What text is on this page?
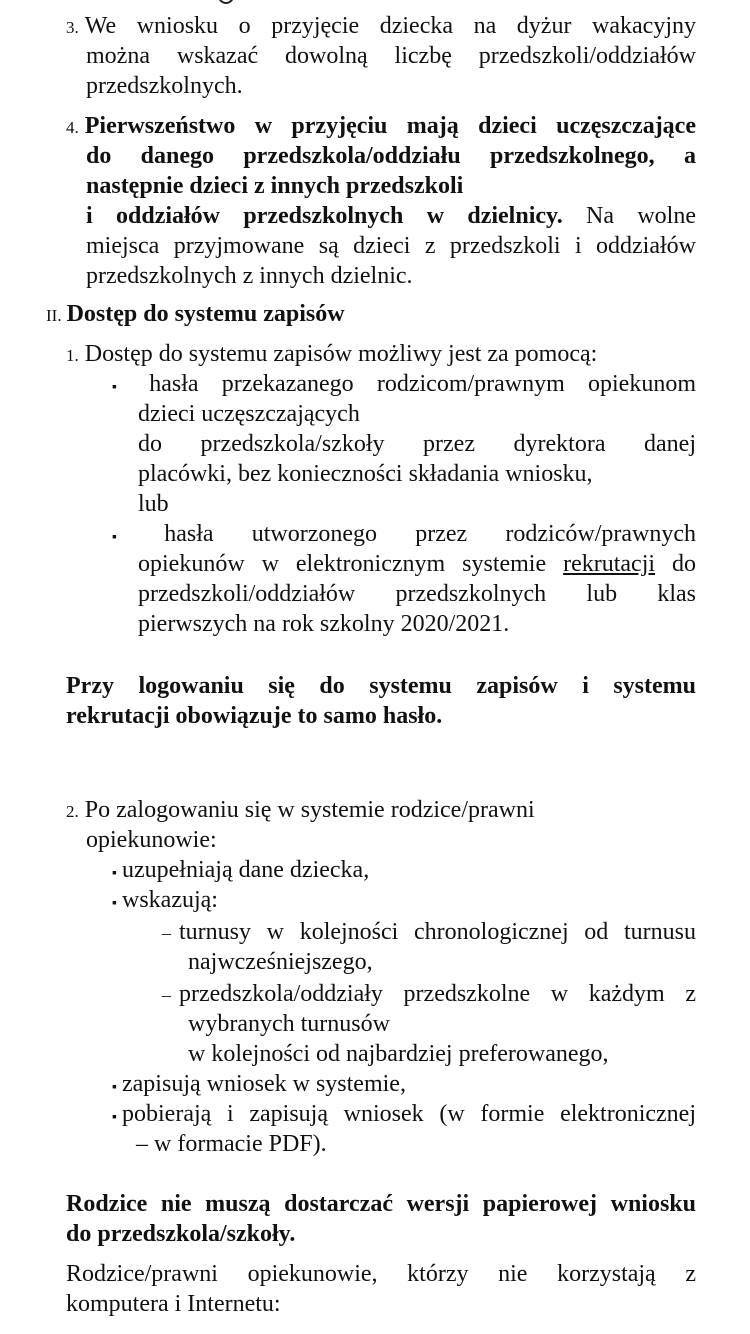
3. We wniosku o przyjęcie dziecka na dyżur wakacyjny
można wskazać dowolną liczbę przedszkoli/oddziałów
przedszkolnych.
4. Pierwszeństwo w przyjęciu mają dzieci uczęszczające
do danego przedszkola/oddziału przedszkolnego, a
następnie dzieci z innych przedszkoli
i oddziałów przedszkolnych w dzielnicy. Na wolne
miejsca przyjmowane są dzieci z przedszkoli i oddziałów
przedszkolnych z innych dzielnic.
II. Dostęp do systemu zapisów
1. Dostęp do systemu zapisów możliwy jest za pomocą:
▪ hasła przekazanego rodzicom/prawnym opiekunom
dzieci uczęszczających
do przedszkola/szkoły przez dyrektora danej
placówki, bez konieczności składania wniosku,
lub
▪ hasła utworzonego przez rodziców/prawnych
opiekunów w elektronicznym systemie rekrutacji do
przedszkoli/oddziałów przedszkolnych lub klas
pierwszych na rok szkolny 2020/2021.
Przy logowaniu się do systemu zapisów i systemu
rekrutacji obowiązuje to samo hasło.
2. Po zalogowaniu się w systemie rodzice/prawni
opiekunowie:
▪ uzupełniają dane dziecka,
▪ wskazują:
– turnusy w kolejności chronologicznej od turnusu
najwcześniejszego,
– przedszkola/oddziały przedszkolne w każdym z
wybranych turnusów
w kolejności od najbardziej preferowanego,
▪ zapisują wniosek w systemie,
▪ pobierają i zapisują wniosek (w formie elektronicznej
– w formacie PDF).
Rodzice nie muszą dostarczać wersji papierowej wniosku
do przedszkola/szkoły.
Rodzice/prawni opiekunowie, którzy nie korzystają z
komputera i Internetu:
